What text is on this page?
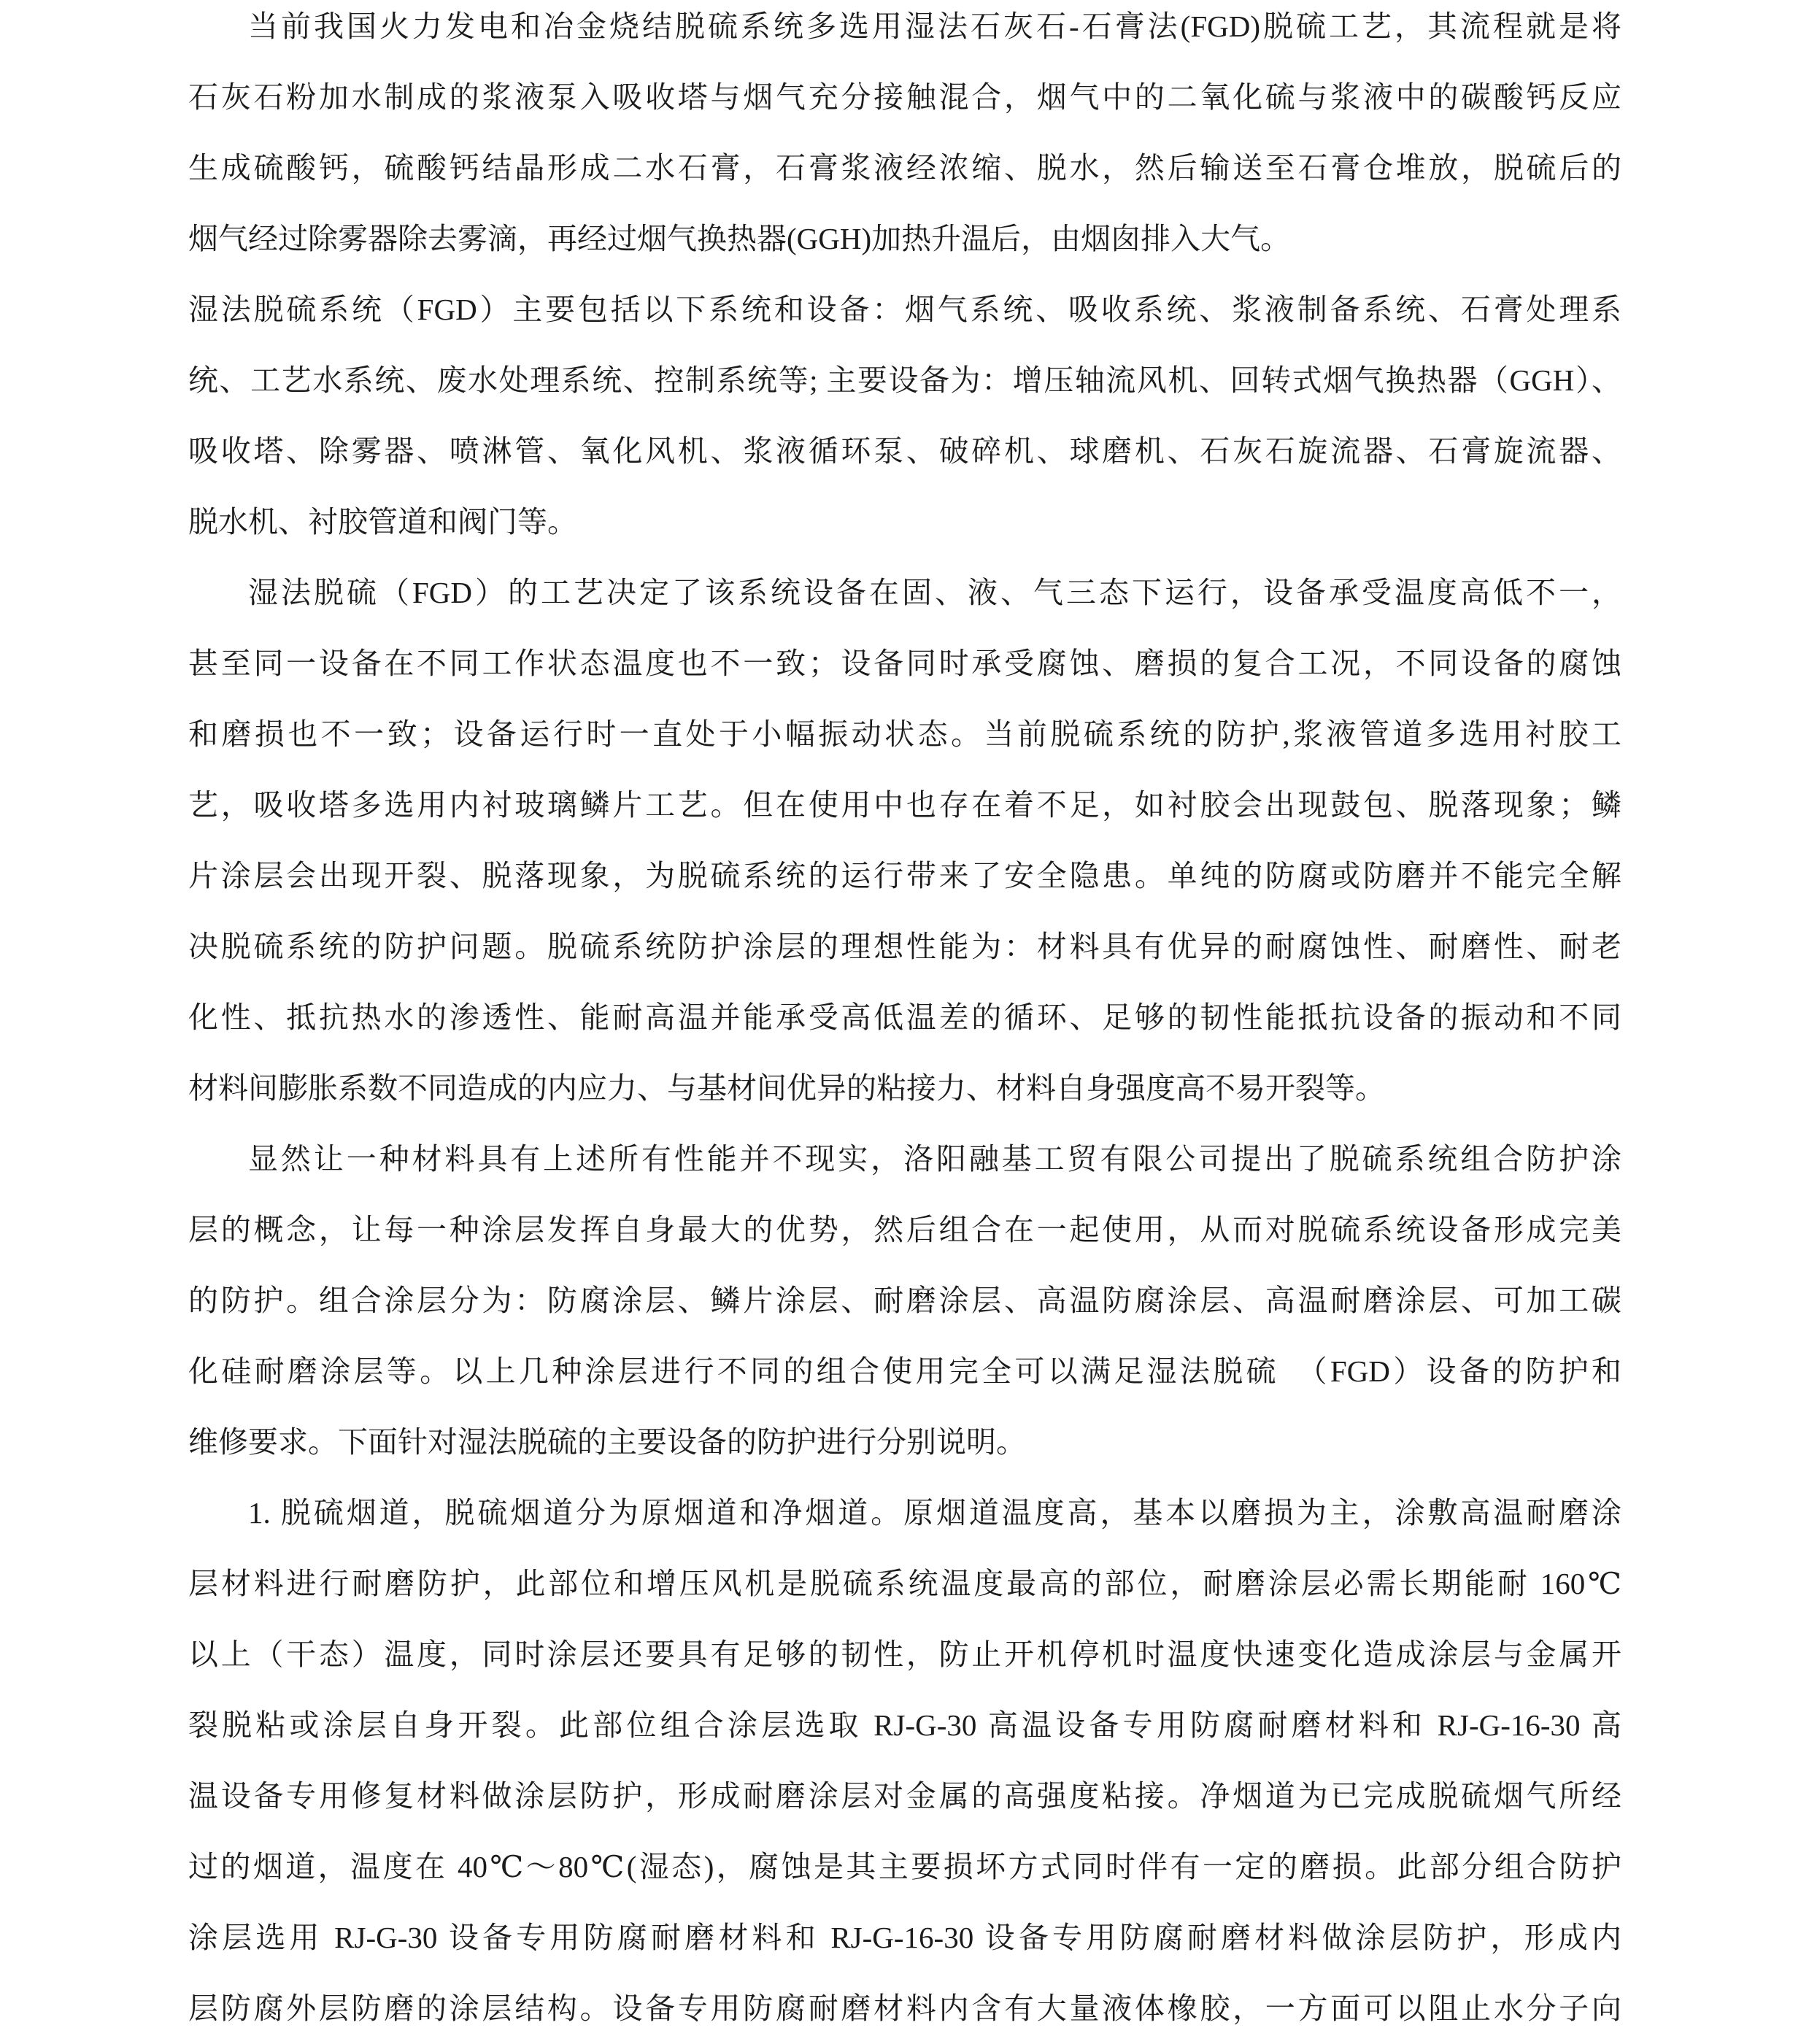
当前我国火力发电和冶金烧结脱硫系统多选用湿法石灰石-石膏法(FGD)脱硫工艺，其流程就是将
石灰石粉加水制成的浆液泵入吸收塔与烟气充分接触混合，烟气中的二氧化硫与浆液中的碳酸钙反应
生成硫酸钙，硫酸钙结晶形成二水石膏，石膏浆液经浓缩、脱水，然后输送至石膏仓堆放，脱硫后的
烟气经过除雾器除去雾滴，再经过烟气换热器(GGH)加热升温后，由烟囱排入大气。
湿法脱硫系统（FGD）主要包括以下系统和设备：烟气系统、吸收系统、浆液制备系统、石膏处理系
统、工艺水系统、废水处理系统、控制系统等; 主要设备为：增压轴流风机、回转式烟气换热器（GGH）、
吸收塔、除雾器、喷淋管、氧化风机、浆液循环泵、破碎机、球磨机、石灰石旋流器、石膏旋流器、
脱水机、衬胶管道和阀门等。
湿法脱硫（FGD）的工艺决定了该系统设备在固、液、气三态下运行，设备承受温度高低不一，
甚至同一设备在不同工作状态温度也不一致；设备同时承受腐蚀、磨损的复合工况，不同设备的腐蚀
和磨损也不一致；设备运行时一直处于小幅振动状态。当前脱硫系统的防护,浆液管道多选用衬胶工
艺，吸收塔多选用内衬玻璃鳞片工艺。但在使用中也存在着不足，如衬胶会出现鼓包、脱落现象；鳞
片涂层会出现开裂、脱落现象，为脱硫系统的运行带来了安全隐患。单纯的防腐或防磨并不能完全解
决脱硫系统的防护问题。脱硫系统防护涂层的理想性能为：材料具有优异的耐腐蚀性、耐磨性、耐老
化性、抵抗热水的渗透性、能耐高温并能承受高低温差的循环、足够的韧性能抵抗设备的振动和不同
材料间膨胀系数不同造成的内应力、与基材间优异的粘接力、材料自身强度高不易开裂等。
显然让一种材料具有上述所有性能并不现实，洛阳融基工贸有限公司提出了脱硫系统组合防护涂
层的概念，让每一种涂层发挥自身最大的优势，然后组合在一起使用，从而对脱硫系统设备形成完美
的防护。组合涂层分为：防腐涂层、鳞片涂层、耐磨涂层、高温防腐涂层、高温耐磨涂层、可加工碳
化硅耐磨涂层等。以上几种涂层进行不同的组合使用完全可以满足湿法脱硫　（FGD）设备的防护和
维修要求。下面针对湿法脱硫的主要设备的防护进行分别说明。
1. 脱硫烟道，脱硫烟道分为原烟道和净烟道。原烟道温度高，基本以磨损为主，涂敷高温耐磨涂
层材料进行耐磨防护，此部位和增压风机是脱硫系统温度最高的部位，耐磨涂层必需长期能耐 160℃
以上（干态）温度，同时涂层还要具有足够的韧性，防止开机停机时温度快速变化造成涂层与金属开
裂脱粘或涂层自身开裂。此部位组合涂层选取 RJ-G-30 高温设备专用防腐耐磨材料和 RJ-G-16-30 高
温设备专用修复材料做涂层防护，形成耐磨涂层对金属的高强度粘接。净烟道为已完成脱硫烟气所经
过的烟道，温度在 40℃～80℃(湿态)，腐蚀是其主要损坏方式同时伴有一定的磨损。此部分组合防护
涂层选用 RJ-G-30 设备专用防腐耐磨材料和 RJ-G-16-30 设备专用防腐耐磨材料做涂层防护，形成内
层防腐外层防磨的涂层结构。设备专用防腐耐磨材料内含有大量液体橡胶，一方面可以阻止水分子向
